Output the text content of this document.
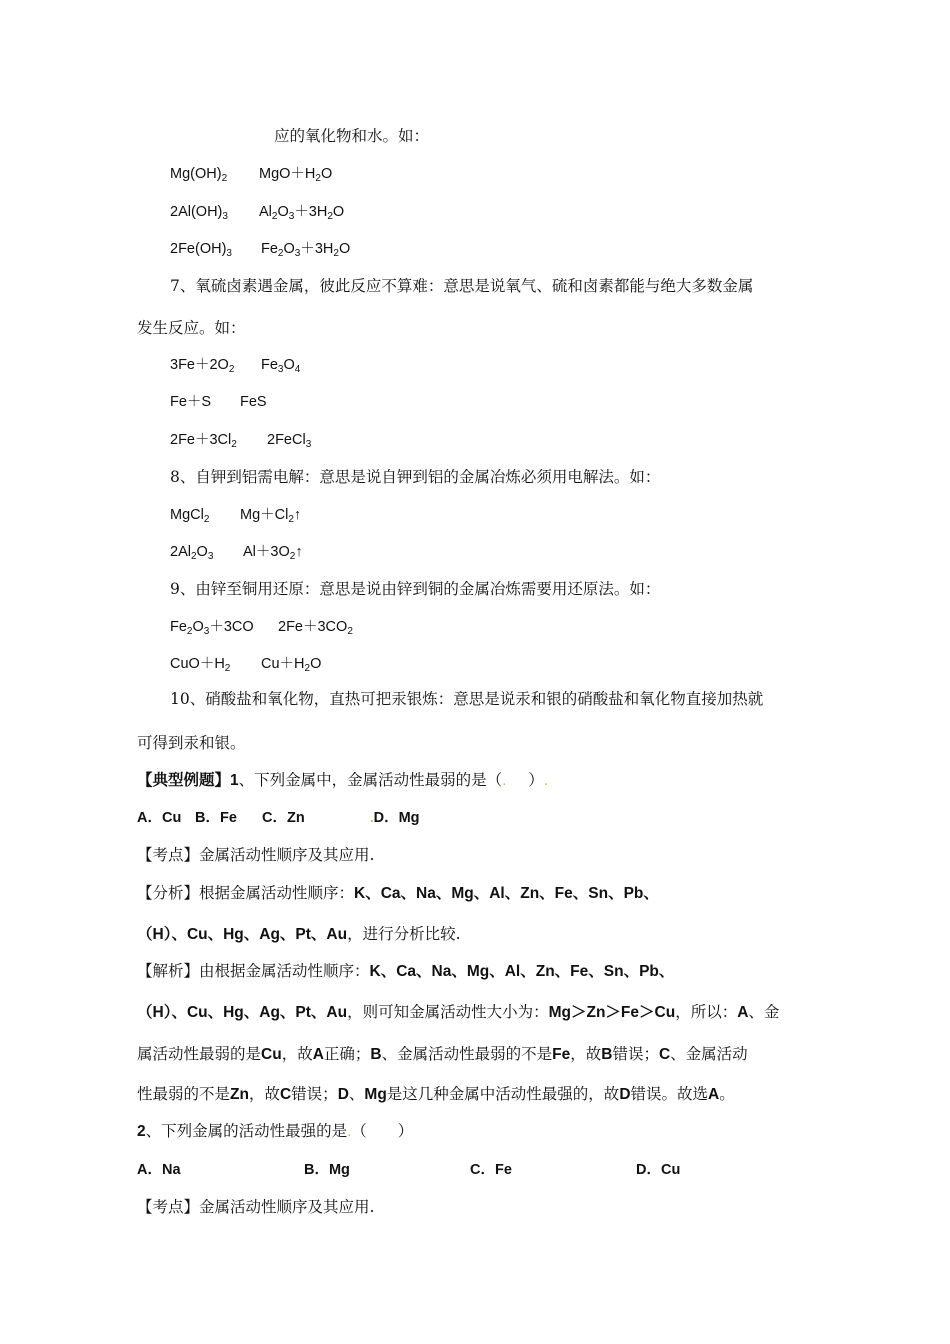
应的氧化物和水。如：
$Mg(OH)_2$ $MgO+H_2O$
$2Al(OH)_3$ $Al_2O_3+3H_2O$
$2Fe(OH)_3$ $Fe_2O_3+3H_2O$
7、氧硫卤素遇金属，彼此反应不算难：意思是说氧气、硫和卤素都能与绝大多数金属
发生反应。如：
$3Fe+2O_2$ $Fe_3O_4$
Fe＋S FeS
$2Fe+3Cl_2$ 2FeCl$_3$
8、自钾到铝需电解：意思是说自钾到铝的金属冶炼必须用电解法。如：
MgCl$_2$ $Mg+Cl_2↑$
$2Al_2O_3$ $Al+3O_2↑$
9、由锌至铜用还原：意思是说由锌到铜的金属冶炼需要用还原法。如：
$Fe_2O_3+3CO$ $2Fe+3CO_2$
$CuO+H_2$ $Cu+H_2O$
10、硝酸盐和氧化物，直热可把汞银炼：意思是说汞和银的硝酸盐和氧化物直接加热就
可得到汞和银。
【典型例题】1、下列金属中，金属活动性最弱的是（. ）.
A．Cu B．Fe C．Zn	.D．Mg
【考点】金属活动性顺序及其应用.
【分析】根据金属活动性顺序：K、Ca、Na、Mg、Al、Zn、Fe、Sn、Pb、
（H）、Cu、Hg、Ag、Pt、Au，进行分析比较.
【解析】由根据金属活动性顺序：K、Ca、Na、Mg、Al、Zn、Fe、Sn、Pb、
（H）、Cu、Hg、Ag、Pt、Au，则可知金属活动性大小为：Mg＞Zn＞Fe＞Cu，所以：A、金
属活动性最弱的是Cu，故A正确；B、金属活动性最弱的不是Fe，故B错误；C、金属活动
性最弱的不是Zn，故C错误；D、Mg是这几种金属中活动性最强的，故D错误。故选A。
2、下列金属的活动性最强的是.（　　）
A．Na	B．Mg	C．Fe	D．Cu
【考点】金属活动性顺序及其应用.
